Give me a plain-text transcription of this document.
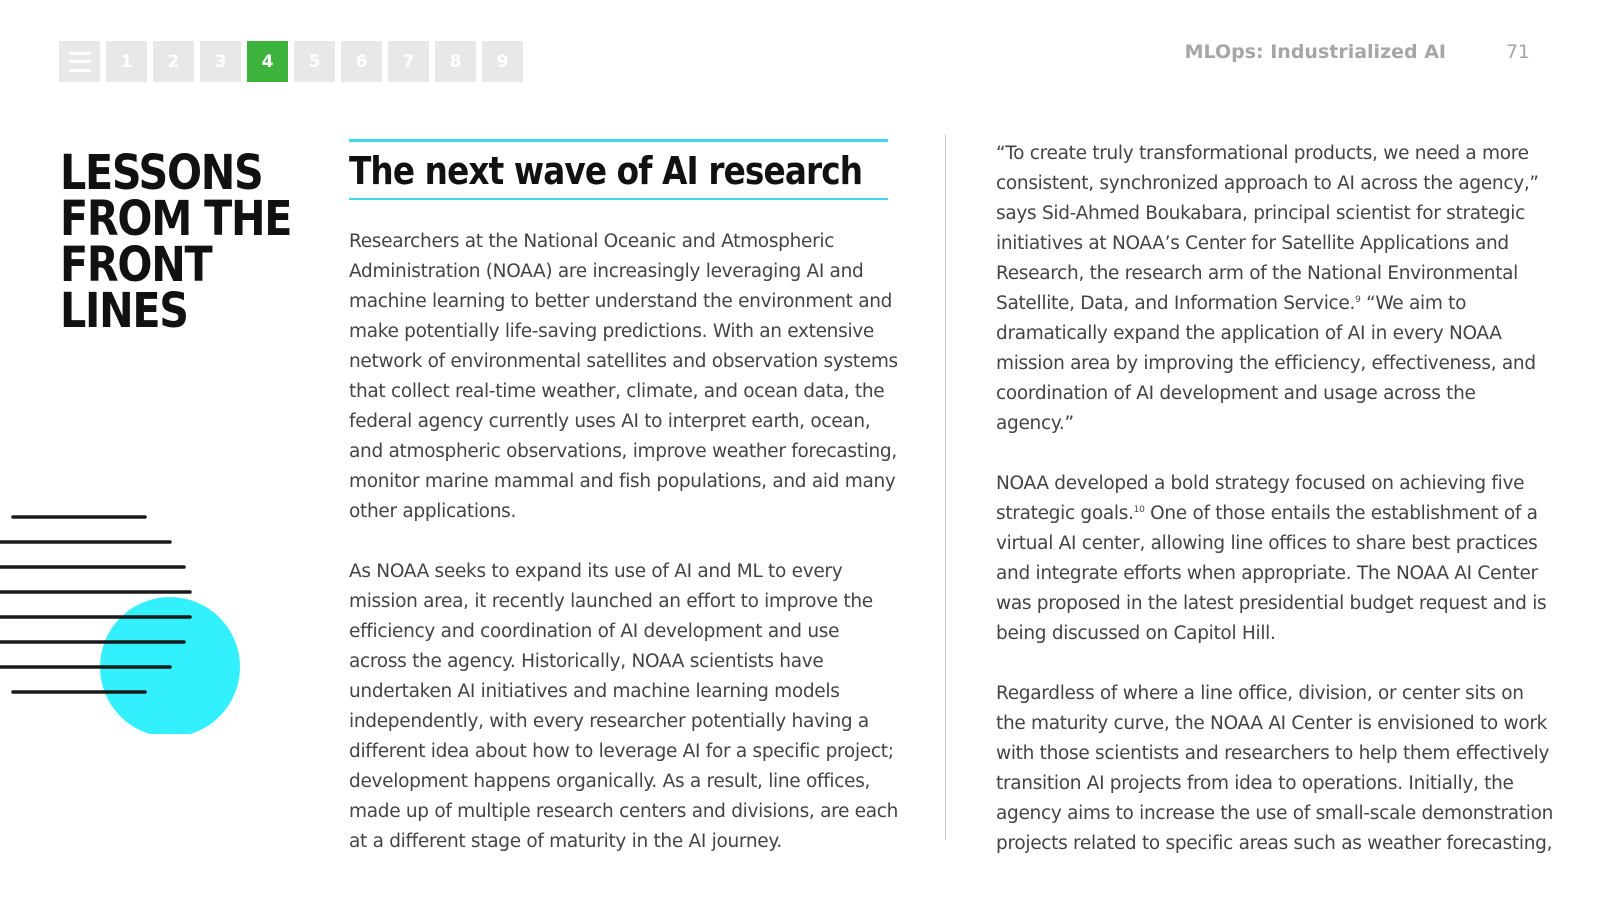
1	2	3	4	5	6	7	8	9	MLOps: Industrialized AI	71
LESSONS
FROM THE
FRONT LINES
The next wave of AI research

Researchers at the National Oceanic and Atmospheric Administration (NOAA) are increasingly leveraging AI and machine learning to better understand the environment and make potentially life-saving predictions. With an extensive network of environmental satellites and observation systems that collect real-time weather, climate, and ocean data, the federal agency currently uses AI to interpret earth, ocean, and atmospheric observations, improve weather forecasting, monitor marine mammal and fish populations, and aid many other applications.

As NOAA seeks to expand its use of AI and ML to every mission area, it recently launched an effort to improve the efficiency and coordination of AI development and use across the agency. Historically, NOAA scientists have undertaken AI initiatives and machine learning models independently, with every researcher potentially having a different idea about how to leverage AI for a specific project; development happens organically. As a result, line offices, made up of multiple research centers and divisions, are each at a different stage of maturity in the AI journey.

“To create truly transformational products, we need a more consistent, synchronized approach to AI across the agency,” says Sid-Ahmed Boukabara, principal scientist for strategic initiatives at NOAA’s Center for Satellite Applications and Research, the research arm of the National Environmental Satellite, Data, and Information Service.$^9$ “We aim to dramatically expand the application of AI in every NOAA mission area by improving the efficiency, effectiveness, and coordination of AI development and usage across the agency.”

NOAA developed a bold strategy focused on achieving five strategic goals.$^{10}$ One of those entails the establishment of a virtual AI center, allowing line offices to share best practices and integrate efforts when appropriate. The NOAA AI Center was proposed in the latest presidential budget request and is being discussed on Capitol Hill.

Regardless of where a line office, division, or center sits on the maturity curve, the NOAA AI Center is envisioned to work with those scientists and researchers to help them effectively transition AI projects from idea to operations. Initially, the agency aims to increase the use of small-scale demonstration projects related to specific areas such as weather forecasting,
